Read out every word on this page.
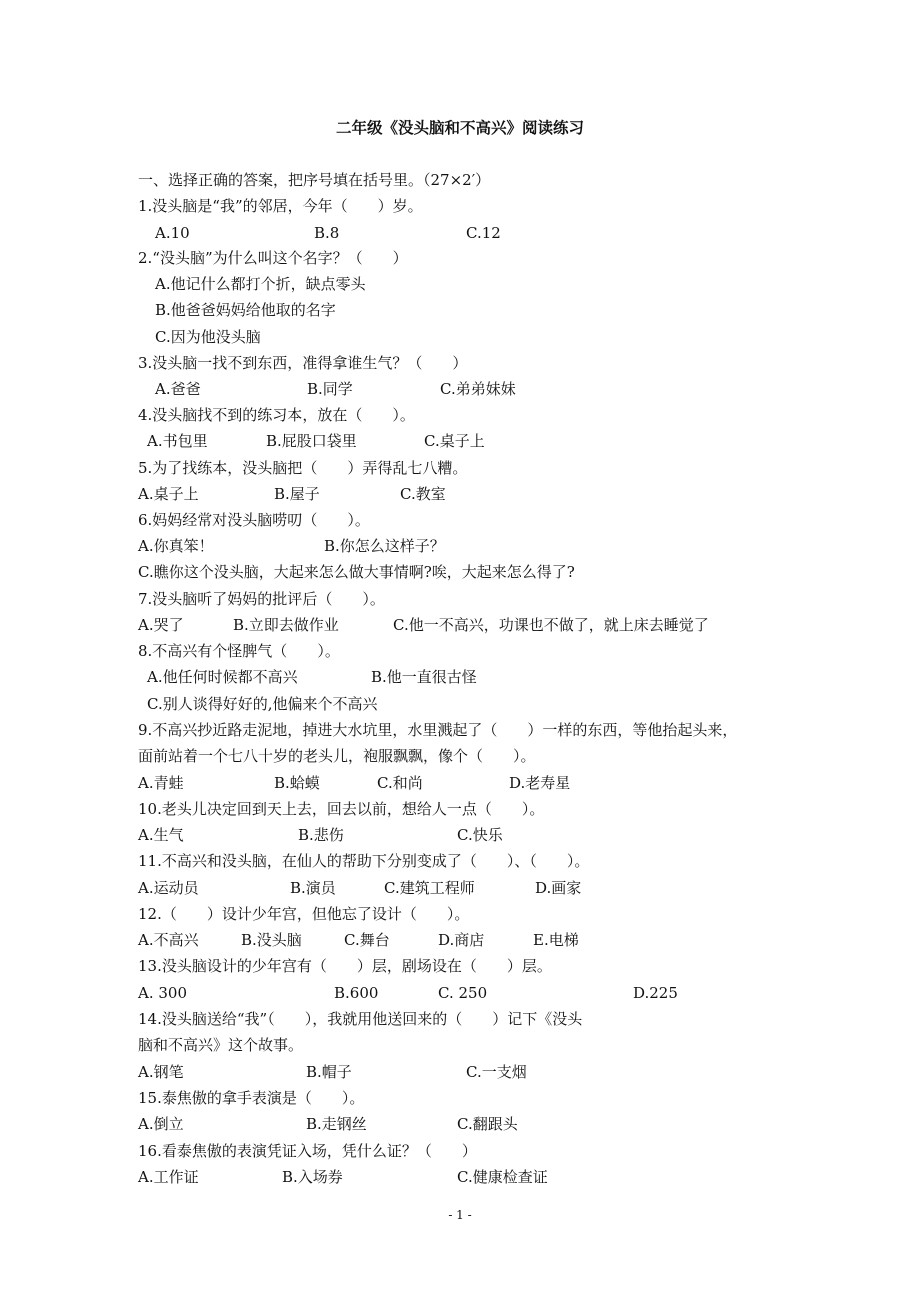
二年级《没头脑和不高兴》阅读练习
一、选择正确的答案，把序号填在括号里。（27×2′）
1.没头脑是“我”的邻居，今年（　　）岁。
A.10	B.8	C.12
2.“没头脑”为什么叫这个名字？（　　）
A.他记什么都打个折，缺点零头
B.他爸爸妈妈给他取的名字
C.因为他没头脑
3.没头脑一找不到东西，准得拿谁生气？（　　）
A.爸爸	B.同学	C.弟弟妹妹
4.没头脑找不到的练习本，放在（　　）。
A.书包里	B.屁股口袋里	C.桌子上
5.为了找练本，没头脑把（　　）弄得乱七八糟。
A.桌子上	B.屋子	C.教室
6.妈妈经常对没头脑唠叨（　　）。
A.你真笨！	B.你怎么这样子？
C.瞧你这个没头脑，大起来怎么做大事情啊?唉，大起来怎么得了?
7.没头脑听了妈妈的批评后（　　）。
A.哭了	B.立即去做作业	C.他一不高兴，功课也不做了，就上床去睡觉了
8.不高兴有个怪脾气（　　）。
A.他任何时候都不高兴	B.他一直很古怪
C.别人谈得好好的,他偏来个不高兴
9.不高兴抄近路走泥地，掉进大水坑里，水里溅起了（　　）一样的东西，等他抬起头来，
面前站着一个七八十岁的老头儿，袍服飘飘，像个（　　）。
A.青蛙	B.蛤蟆	C.和尚	D.老寿星
10.老头儿决定回到天上去，回去以前，想给人一点（　　）。
A.生气	B.悲伤	C.快乐
11.不高兴和没头脑，在仙人的帮助下分别变成了（　　）、（　　）。
A.运动员	B.演员	C.建筑工程师	D.画家
12.（　　）设计少年宫，但他忘了设计（　　）。
A.不高兴	B.没头脑	C.舞台	D.商店	E.电梯
13.没头脑设计的少年宫有（　　）层，剧场设在（　　）层。
A. 300	B.600	C. 250	D.225
14.没头脑送给“我”（　　），我就用他送回来的（　　）记下《没头
脑和不高兴》这个故事。
A.钢笔	B.帽子	C.一支烟
15.泰焦傲的拿手表演是（　　）。
A.倒立	B.走钢丝	C.翻跟头
16.看泰焦傲的表演凭证入场，凭什么证？（　　）
A.工作证	B.入场券	C.健康检查证
- 1 -
